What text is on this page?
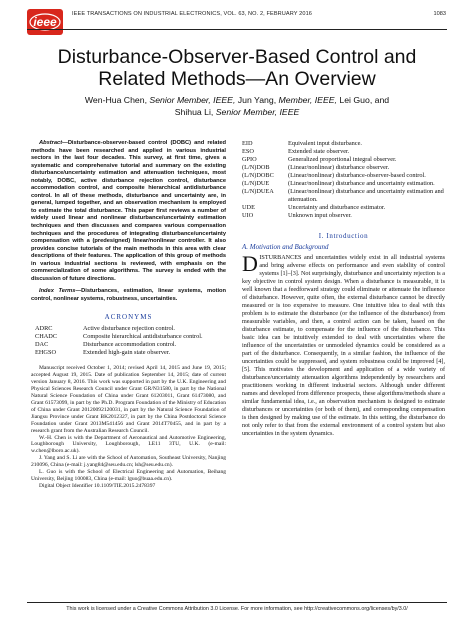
ieee
IEEE TRANSACTIONS ON INDUSTRIAL ELECTRONICS, VOL. 63, NO. 2, FEBRUARY 2016	1083
Disturbance-Observer-Based Control and
Related Methods—An Overview
Wen-Hua Chen, Senior Member, IEEE, Jun Yang, Member, IEEE, Lei Guo, and
Shihua Li, Senior Member, IEEE

Abstract—Disturbance-observer-based control (DOBC) and related methods have been researched and applied in various industrial sectors in the last four decades. This survey, at first time, gives a systematic and comprehensive tutorial and summary on the existing disturbance/uncertainty estimation and attenuation techniques, most notably, DOBC, active disturbance rejection control, disturbance accommodation control, and composite hierarchical antidisturbance control. In all of these methods, disturbance and uncertainty are, in general, lumped together, and an observation mechanism is employed to estimate the total disturbance. This paper first reviews a number of widely used linear and nonlinear disturbance/uncertainty estimation techniques and then discusses and compares various compensation techniques and the procedures of integrating disturbance/uncertainty compensation with a (predesigned) linear/nonlinear controller. It also provides concise tutorials of the main methods in this area with clear descriptions of their features. The application of this group of methods in various industrial sections is reviewed, with emphasis on the commercialization of some algorithms. The survey is ended with the discussion of future directions.

Index Terms—Disturbances, estimation, linear systems, motion control, nonlinear systems, robustness, uncertainties.

ACRONYMS
ADRC	Active disturbance rejection control.
CHADC	Composite hierarchical antidisturbance control.
DAC	Disturbance accommodation control.
EHGSO	Extended high-gain state observer.

Manuscript received October 1, 2014; revised April 14, 2015 and June 19, 2015; accepted August 19, 2015. Date of publication September 14, 2015; date of current version January 8, 2016. This work was supported in part by the U.K. Engineering and Physical Sciences Research Council under Grant GR/N31580, in part by the National Natural Science Foundation of China under Grant 61203011, Grant 61473080, and Grant 61573099, in part by the Ph.D. Program Foundation of the Ministry of Education of China under Grant 20120092120031, in part by the Natural Science Foundation of Jiangsu Province under Grant BK2012327, in part by the China Postdoctoral Science Foundation under Grant 2013M541456 and Grant 2014T70455, and in part by a research grant from the Australian Research Council.

W.-H. Chen is with the Department of Aeronautical and Automotive Engineering, Loughborough University, Loughborough, LE11 3TU, U.K. (e-mail: w.chen@lboro.ac.uk).

J. Yang and S. Li are with the School of Automation, Southeast University, Nanjing 210096, China (e-mail: j.yang84@seu.edu.cn; lsh@seu.edu.cn).

L. Guo is with the School of Electrical Engineering and Automation, Beihang University, Beijing 100083, China (e-mail: lguo@buaa.edu.cn).

Digital Object Identifier 10.1109/TIE.2015.2478397

EID	Equivalent input disturbance.
ESO	Extended state observer.
GPIO	Generalized proportional integral observer.
(L/N)DOB	(Linear/nonlinear) disturbance observer.
(L/N)DOBC	(Linear/nonlinear) disturbance-observer-based control.
(L/N)DUE	(Linear/nonlinear) disturbance and uncertainty estimation.
(L/N)DUEA	(Linear/nonlinear) disturbance and uncertainty estimation and attenuation.
UDE	Uncertainty and disturbance estimator.
UIO	Unknown input observer.
I. Introduction
A. Motivation and Background

DISTURBANCES and uncertainties widely exist in all industrial systems and bring adverse effects on performance and even stability of control systems [1]–[3]. Not surprisingly, disturbance and uncertainty rejection is a key objective in control system design. When a disturbance is measurable, it is well known that a feedforward strategy could eliminate or attenuate the influence of disturbance. However, quite often, the external disturbance cannot be directly measured or is too expensive to measure. One intuitive idea to deal with this problem is to estimate the disturbance (or the influence of the disturbance) from measurable variables, and then, a control action can be taken, based on the disturbance estimate, to compensate for the influence of the disturbance. This basic idea can be intuitively extended to deal with uncertainties where the influence of the uncertainties or unmodeled dynamics could be considered as a part of the disturbance. Consequently, in a similar fashion, the influence of the uncertainties could be suppressed, and system robustness could be improved [4], [5]. This motivates the development and application of a wide variety of disturbance/uncertainty attenuation algorithms independently by researchers and practitioners working in different industrial sectors. Although under different names and developed from difference prospects, these algorithms/methods share a similar fundamental idea, i.e., an observation mechanism is designed to estimate disturbances or uncertainties (or both of them), and corresponding compensation is then designed by making use of the estimate. In this setting, the disturbance do not only refer to that from the external environment of a control system but also uncertainties in the system dynamics.

This work is licensed under a Creative Commons Attribution 3.0 License. For more information, see http://creativecommons.org/licenses/by/3.0/
